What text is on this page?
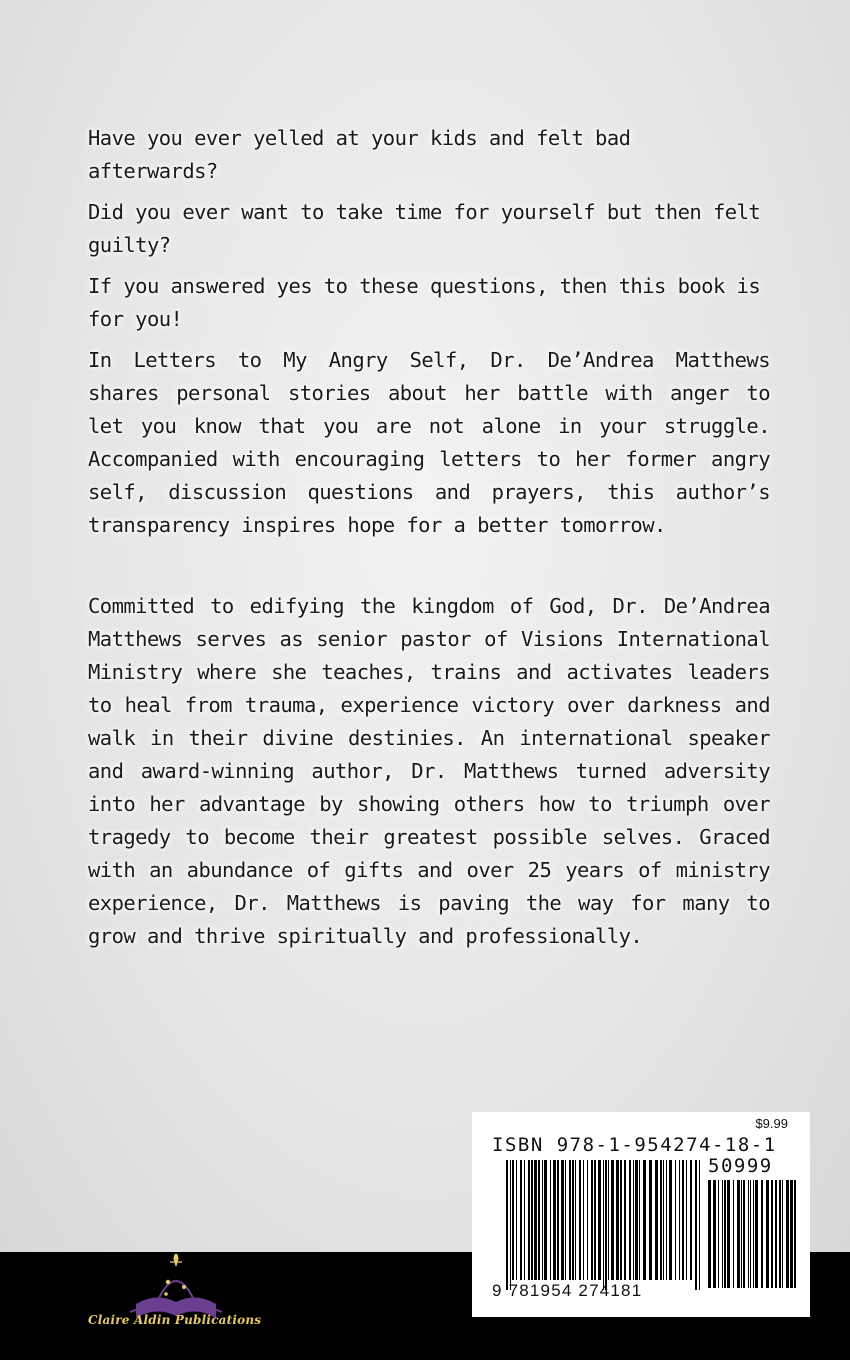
Have you ever yelled at your kids and felt bad afterwards?

Did you ever want to take time for yourself but then felt guilty?

If you answered yes to these questions, then this book is for you!

In Letters to My Angry Self, Dr. De’Andrea Matthews shares personal stories about her battle with anger to let you know that you are not alone in your struggle. Accompanied with encouraging letters to her former angry self, discussion questions and prayers, this author’s transparency inspires hope for a better tomorrow.

Committed to edifying the kingdom of God, Dr. De’Andrea Matthews serves as senior pastor of Visions International Ministry where she teaches, trains and activates leaders to heal from trauma, experience victory over darkness and walk in their divine destinies. An international speaker and award-winning author, Dr. Matthews turned adversity into her advantage by showing others how to triumph over tragedy to become their greatest possible selves. Graced with an abundance of gifts and over 25 years of ministry experience, Dr. Matthews is paving the way for many to grow and thrive spiritually and professionally.

Claire Aldin Publications
$9.99
ISBN 978-1-954274-18-1
50999
9 781954 274181
